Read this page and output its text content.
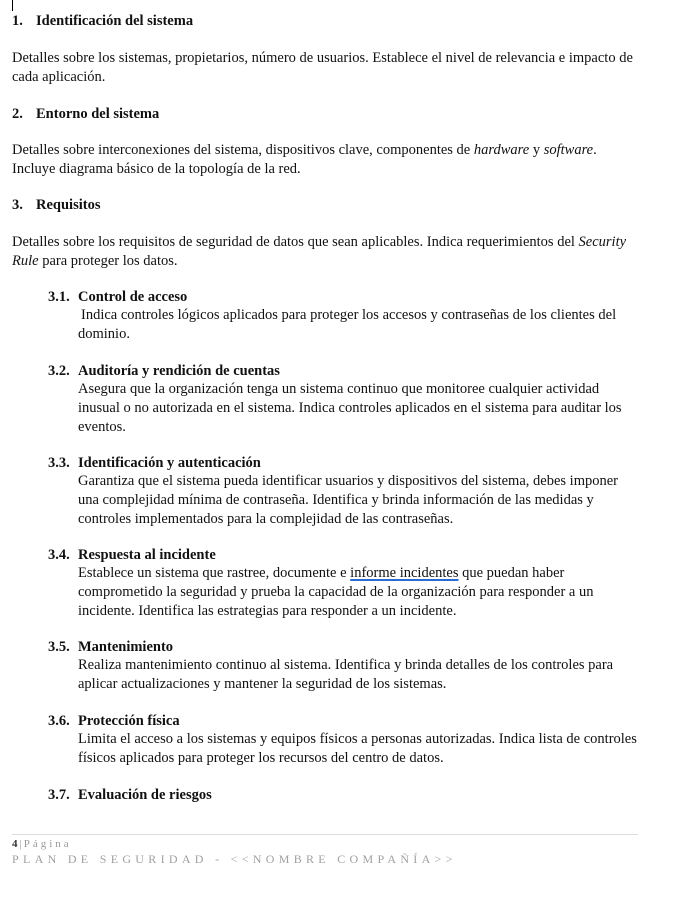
1. Identificación del sistema
Detalles sobre los sistemas, propietarios, número de usuarios. Establece el nivel de relevancia e impacto de cada aplicación.
2. Entorno del sistema
Detalles sobre interconexiones del sistema, dispositivos clave, componentes de hardware y software. Incluye diagrama básico de la topología de la red.
3. Requisitos
Detalles sobre los requisitos de seguridad de datos que sean aplicables. Indica requerimientos del Security Rule para proteger los datos.
3.1. Control de acceso
Indica controles lógicos aplicados para proteger los accesos y contraseñas de los clientes del dominio.
3.2. Auditoría y rendición de cuentas
Asegura que la organización tenga un sistema continuo que monitoree cualquier actividad inusual o no autorizada en el sistema. Indica controles aplicados en el sistema para auditar los eventos.
3.3. Identificación y autenticación
Garantiza que el sistema pueda identificar usuarios y dispositivos del sistema, debes imponer una complejidad mínima de contraseña. Identifica y brinda información de las medidas y controles implementados para la complejidad de las contraseñas.
3.4. Respuesta al incidente
Establece un sistema que rastree, documente e informe incidentes que puedan haber comprometido la seguridad y prueba la capacidad de la organización para responder a un incidente. Identifica las estrategias para responder a un incidente.
3.5. Mantenimiento
Realiza mantenimiento continuo al sistema. Identifica y brinda detalles de los controles para aplicar actualizaciones y mantener la seguridad de los sistemas.
3.6. Protección física
Limita el acceso a los sistemas y equipos físicos a personas autorizadas. Indica lista de controles físicos aplicados para proteger los recursos del centro de datos.
3.7. Evaluación de riesgos
4 | Página
PLAN DE SEGURIDAD - <<NOMBRE COMPAÑÍA>>
